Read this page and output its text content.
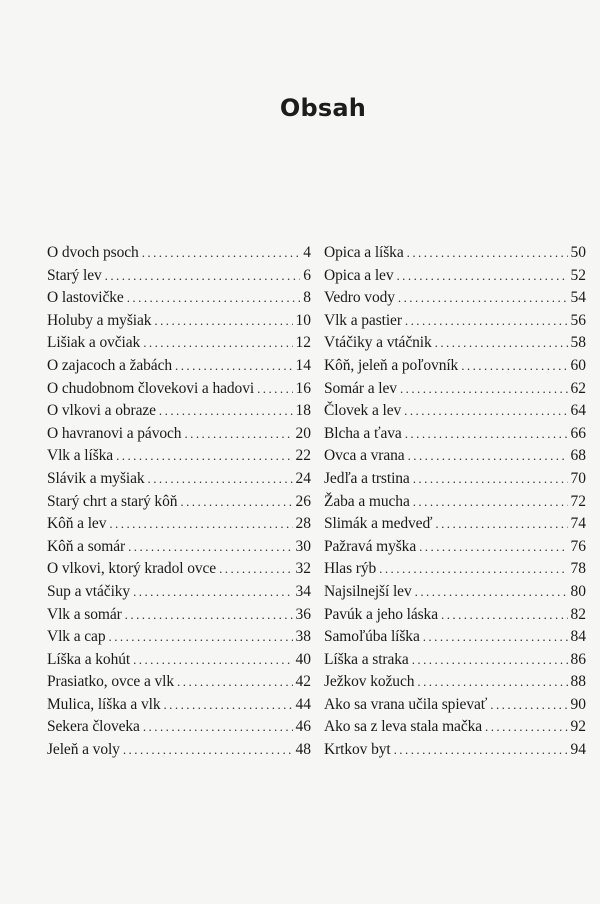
Obsah
O dvoch psoch . . .	4
Starý lev . . .	6
O lastovičke . . .	8
Holuby a myšiak . . .	10
Lišiak a ovčiak . . .	12
O zajacoch a žabách . . .	14
O chudobnom človekovi a hadovi . . .	16
O vlkovi a obraze . . .	18
O havranovi a pávoch . . .	20
Vlk a líška . . .	22
Slávik a myšiak . . .	24
Starý chrt a starý kôň . . .	26
Kôň a lev . . .	28
Kôň a somár . . .	30
O vlkovi, ktorý kradol ovce . . .	32
Sup a vtáčiky . . .	34
Vlk a somár . . .	36
Vlk a cap . . .	38
Líška a kohút . . .	40
Prasiatko, ovce a vlk . . .	42
Mulica, líška a vlk . . .	44
Sekera človeka . . .	46
Jeleň a voly . . .	48
Opica a líška . . .	50
Opica a lev . . .	52
Vedro vody . . .	54
Vlk a pastier . . .	56
Vtáčiky a vtáčnik . . .	58
Kôň, jeleň a poľovník . . .	60
Somár a lev . . .	62
Človek a lev . . .	64
Blcha a ťava . . .	66
Ovca a vrana . . .	68
Jedľa a trstina . . .	70
Žaba a mucha . . .	72
Slimák a medveď . . .	74
Pažravá myška . . .	76
Hlas rýb . . .	78
Najsilnejší lev . . .	80
Pavúk a jeho láska . . .	82
Samoľúba líška . . .	84
Líška a straka . . .	86
Ježkov kožuch . . .	88
Ako sa vrana učila spievať . . .	90
Ako sa z leva stala mačka . . .	92
Krtkov byt . . .	94
